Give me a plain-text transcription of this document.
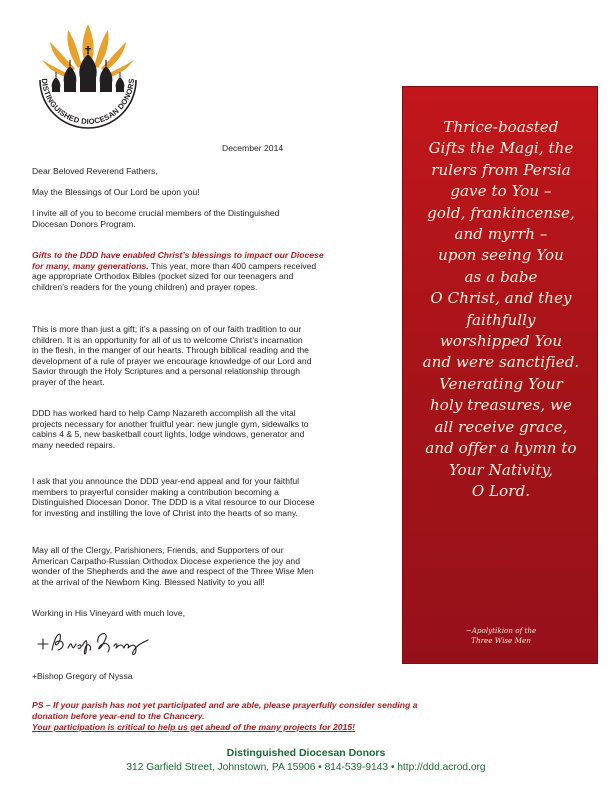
DISTINGUISHED DIOCESAN DONORS
December 2014
Dear Beloved Reverend Fathers,
May the Blessings of Our Lord be upon you!
I invite all of you to become crucial members of the Distinguished
Diocesan Donors Program.
Gifts to the DDD have enabled Christ’s blessings to impact our Diocese
for many, many generations. This year, more than 400 campers received
age appropriate Orthodox Bibles (pocket sized for our teenagers and
children’s readers for the young children) and prayer ropes.
This is more than just a gift; it’s a passing on of our faith tradition to our
children. It is an opportunity for all of us to welcome Christ’s incarnation
in the flesh, in the manger of our hearts. Through biblical reading and the
development of a rule of prayer we encourage knowledge of our Lord and
Savior through the Holy Scriptures and a personal relationship through
prayer of the heart.
DDD has worked hard to help Camp Nazareth accomplish all the vital
projects necessary for another fruitful year: new jungle gym, sidewalks to
cabins 4 & 5, new basketball court lights, lodge windows, generator and
many needed repairs.
I ask that you announce the DDD year-end appeal and for your faithful
members to prayerful consider making a contribution becoming a
Distinguished Diocesan Donor. The DDD is a vital resource to our Diocese
for investing and instilling the love of Christ into the hearts of so many.
May all of the Clergy, Parishioners, Friends, and Supporters of our
American Carpatho-Russian Orthodox Diocese experience the joy and
wonder of the Shepherds and the awe and respect of the Three Wise Men
at the arrival of the Newborn King. Blessed Nativity to you all!
Working in His Vineyard with much love,
+Bishop Gregory of Nyssa
Thrice-boasted
Gifts the Magi, the
rulers from Persia
gave to You –
gold, frankincense,
and myrrh –
upon seeing You
as a babe
O Christ, and they
faithfully
worshipped You
and were sanctified.
Venerating Your
holy treasures, we
all receive grace,
and offer a hymn to
Your Nativity,
O Lord.
~Apolytikion of the
Three Wise Men
PS – If your parish has not yet participated and are able, please prayerfully consider sending a
donation before year-end to the Chancery.
Your participation is critical to help us get ahead of the many projects for 2015!
Distinguished Diocesan Donors
312 Garfield Street, Johnstown, PA 15906 • 814-539-9143 • http://ddd.acrod.org
